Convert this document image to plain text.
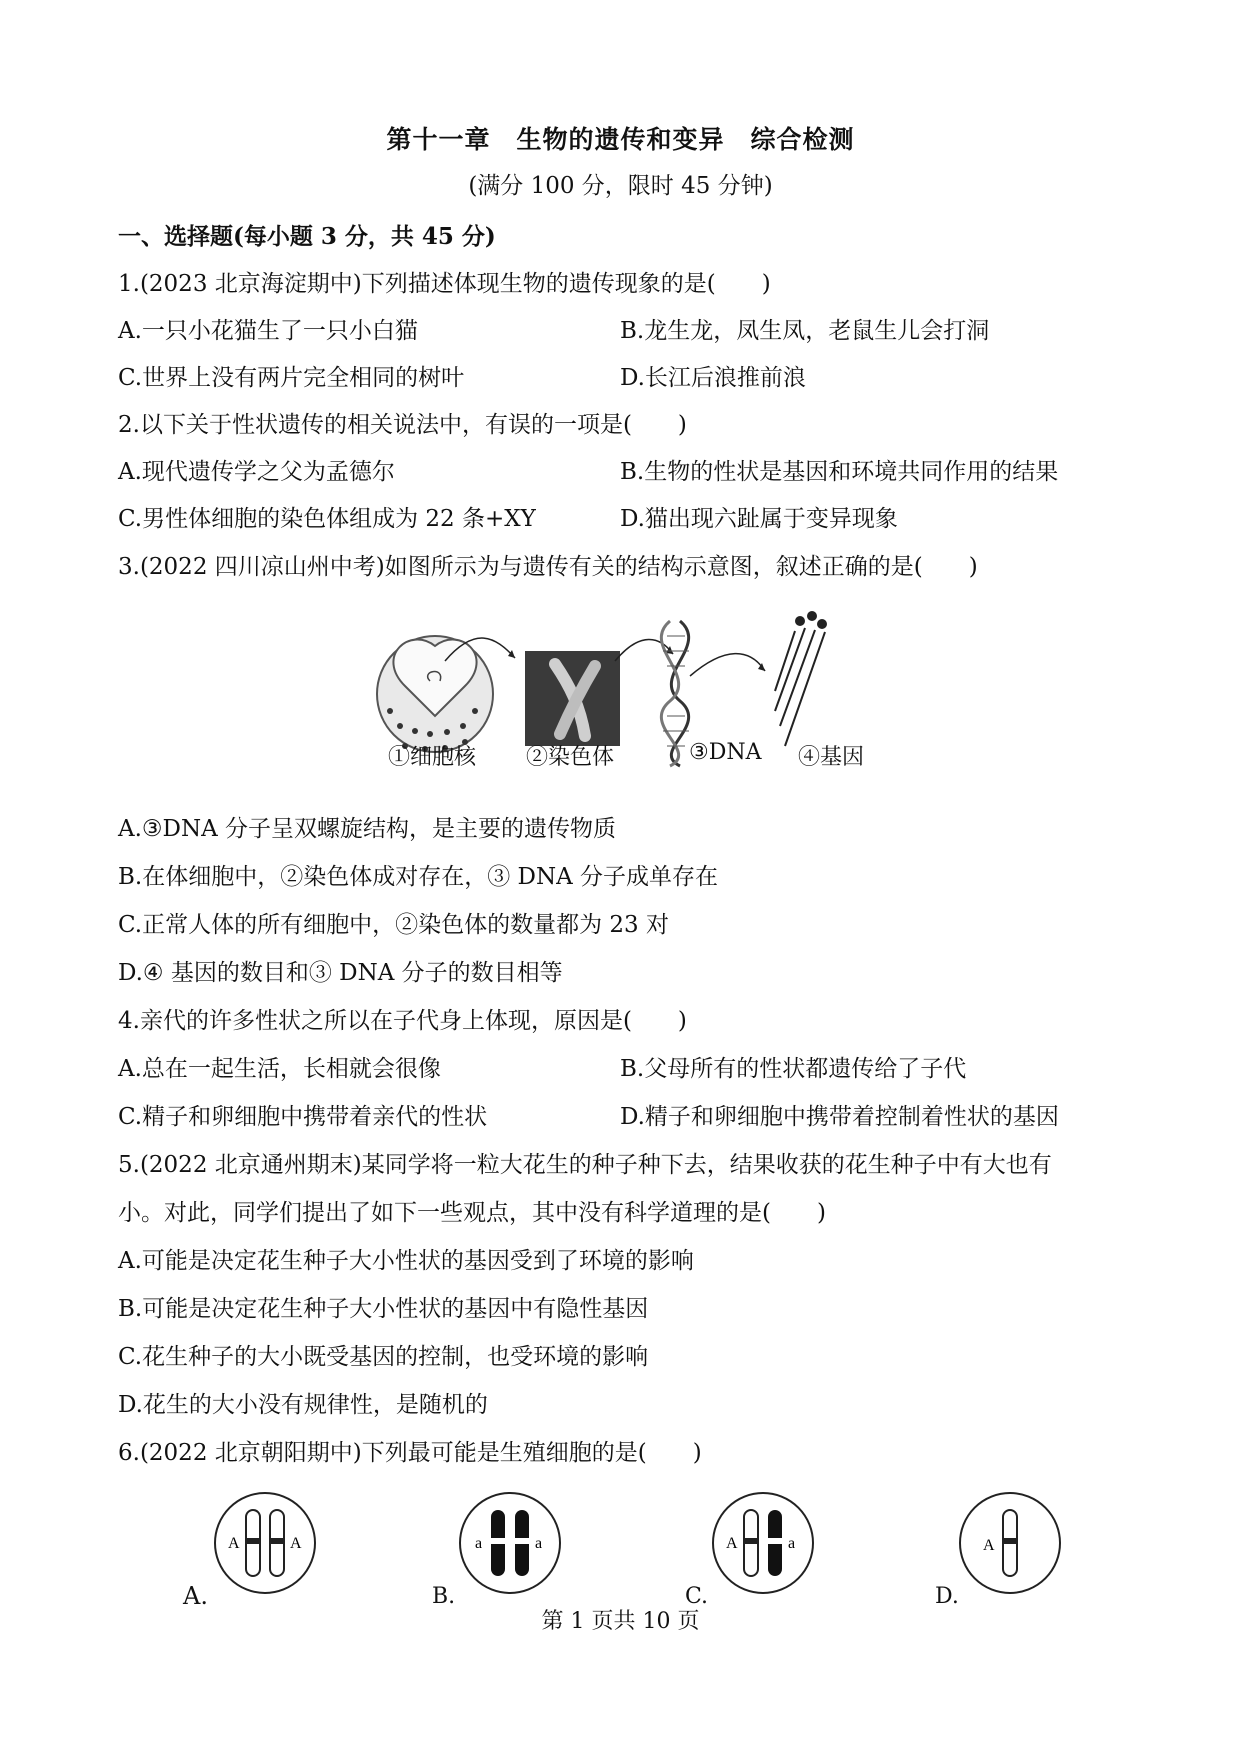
第十一章　生物的遗传和变异　综合检测
(满分 100 分，限时 45 分钟)
一、选择题(每小题 3 分，共 45 分)
1.(2023 北京海淀期中)下列描述体现生物的遗传现象的是(　　)
A.一只小花猫生了一只小白猫	B.龙生龙，凤生凤，老鼠生儿会打洞
C.世界上没有两片完全相同的树叶	D.长江后浪推前浪
2.以下关于性状遗传的相关说法中，有误的一项是(　　)
A.现代遗传学之父为孟德尔	B.生物的性状是基因和环境共同作用的结果
C.男性体细胞的染色体组成为 22 条+XY	D.猫出现六趾属于变异现象
3.(2022 四川凉山州中考)如图所示为与遗传有关的结构示意图，叙述正确的是(　　)
①细胞核 ②染色体	③DNA ④基因
A.③DNA 分子呈双螺旋结构，是主要的遗传物质
B.在体细胞中，②染色体成对存在，③ DNA 分子成单存在
C.正常人体的所有细胞中，②染色体的数量都为 23 对
D.④ 基因的数目和③ DNA 分子的数目相等
4.亲代的许多性状之所以在子代身上体现，原因是(　　)
A.总在一起生活，长相就会很像	B.父母所有的性状都遗传给了子代
C.精子和卵细胞中携带着亲代的性状	D.精子和卵细胞中携带着控制着性状的基因
5.(2022 北京通州期末)某同学将一粒大花生的种子种下去，结果收获的花生种子中有大也有
小。对此，同学们提出了如下一些观点，其中没有科学道理的是(　　)
A.可能是决定花生种子大小性状的基因受到了环境的影响
B.可能是决定花生种子大小性状的基因中有隐性基因
C.花生种子的大小既受基因的控制，也受环境的影响
D.花生的大小没有规律性，是随机的
6.(2022 北京朝阳期中)下列最可能是生殖细胞的是(　　)
A	A
A.
a	a
B.
A	a
C.
A
D.
第 1 页共 10 页
